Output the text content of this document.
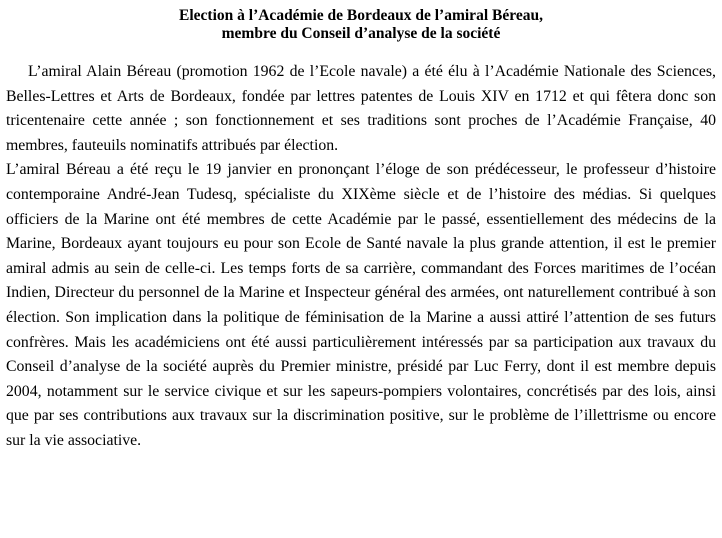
Election à l’Académie de Bordeaux de l’amiral Béreau,
membre du Conseil d’analyse de la société

L’amiral Alain Béreau (promotion 1962 de l’Ecole navale) a été élu à l’Académie Nationale des Sciences, Belles-Lettres et Arts de Bordeaux, fondée par lettres patentes de Louis XIV en 1712 et qui fêtera donc son tricentenaire cette année ; son fonctionnement et ses traditions sont proches de l’Académie Française, 40 membres, fauteuils nominatifs attribués par élection.

L’amiral Béreau a été reçu le 19 janvier en prononçant l’éloge de son prédécesseur, le professeur d’histoire contemporaine André-Jean Tudesq, spécialiste du XIXème siècle et de l’histoire des médias. Si quelques officiers de la Marine ont été membres de cette Académie par le passé, essentiellement des médecins de la Marine, Bordeaux ayant toujours eu pour son Ecole de Santé navale la plus grande attention, il est le premier amiral admis au sein de celle-ci. Les temps forts de sa carrière, commandant des Forces maritimes de l’océan Indien, Directeur du personnel de la Marine et Inspecteur général des armées, ont naturellement contribué à son élection. Son implication dans la politique de féminisation de la Marine a aussi attiré l’attention de ses futurs confrères. Mais les académiciens ont été aussi particulièrement intéressés par sa participation aux travaux du Conseil d’analyse de la société auprès du Premier ministre, présidé par Luc Ferry, dont il est membre depuis 2004, notamment sur le service civique et sur les sapeurs-pompiers volontaires, concrétisés par des lois, ainsi que par ses contributions aux travaux sur la discrimination positive, sur le problème de l’illettrisme ou encore sur la vie associative.
